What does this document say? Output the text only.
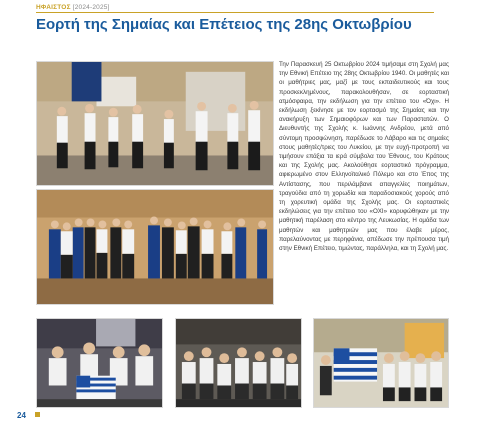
ΗΦΑΙΣΤΟΣ [2024-2025]
Εορτή της Σημαίας και Επέτειος της 28ης Οκτωβρίου
Την Παρασκευή 25 Οκτωβρίου 2024 τιμήσαμε στη Σχολή μας την Εθνική Επέτειο της 28ης Οκτωβρίου 1940. Οι μαθητές και οι μαθήτριες μας, μαζί με τους εκπαιδευτικούς και τους προσκεκλημένους, παρακολουθήσαν, σε εορταστική ατμόσφαιρα, την εκδήλωση για την επέτειο του «Όχι». Η εκδήλωση ξεκίνησε με τον εορτασμό της Σημαίας και την ανακήρυξη των Σημαιοφόρων και των Παραστατών. Ο Διευθυντής της Σχολής κ. Ιωάννης Ανδρέου, μετά από σύντομη προσφώνηση, παρέδωσε το Λάβαρο και τις σημαίες στους μαθητές/τριες του Λυκείου, με την ευχή-προτροπή να τιμήσουν επάξια τα ιερά σύμβολα του Έθνους, του Κράτους και της Σχολής μας. Ακολούθησε εορταστικό πρόγραμμα, αφιερωμένο στον Ελληνοϊταλικό Πόλεμο και στο Έπος της Αντίστασης, που περιλάμβανε απαγγελίες ποιημάτων, τραγούδια από τη χορωδία και παραδοσιακούς χορούς από τη χορευτική ομάδα της Σχολής μας. Οι εορταστικές εκδηλώσεις για την επέτειο του «ΟΧΙ» κορυφώθηκαν με την μαθητική παρέλαση στο κέντρο της Λευκωσίας. Η ομάδα των μαθητών και μαθητριών μας που έλαβε μέρος, παρελαύνοντας με περηφάνια, απέδωσε την πρέπουσα τιμή στην Εθνική Επέτειο, τιμώντας, παράλληλα, και τη Σχολή μας.
24
